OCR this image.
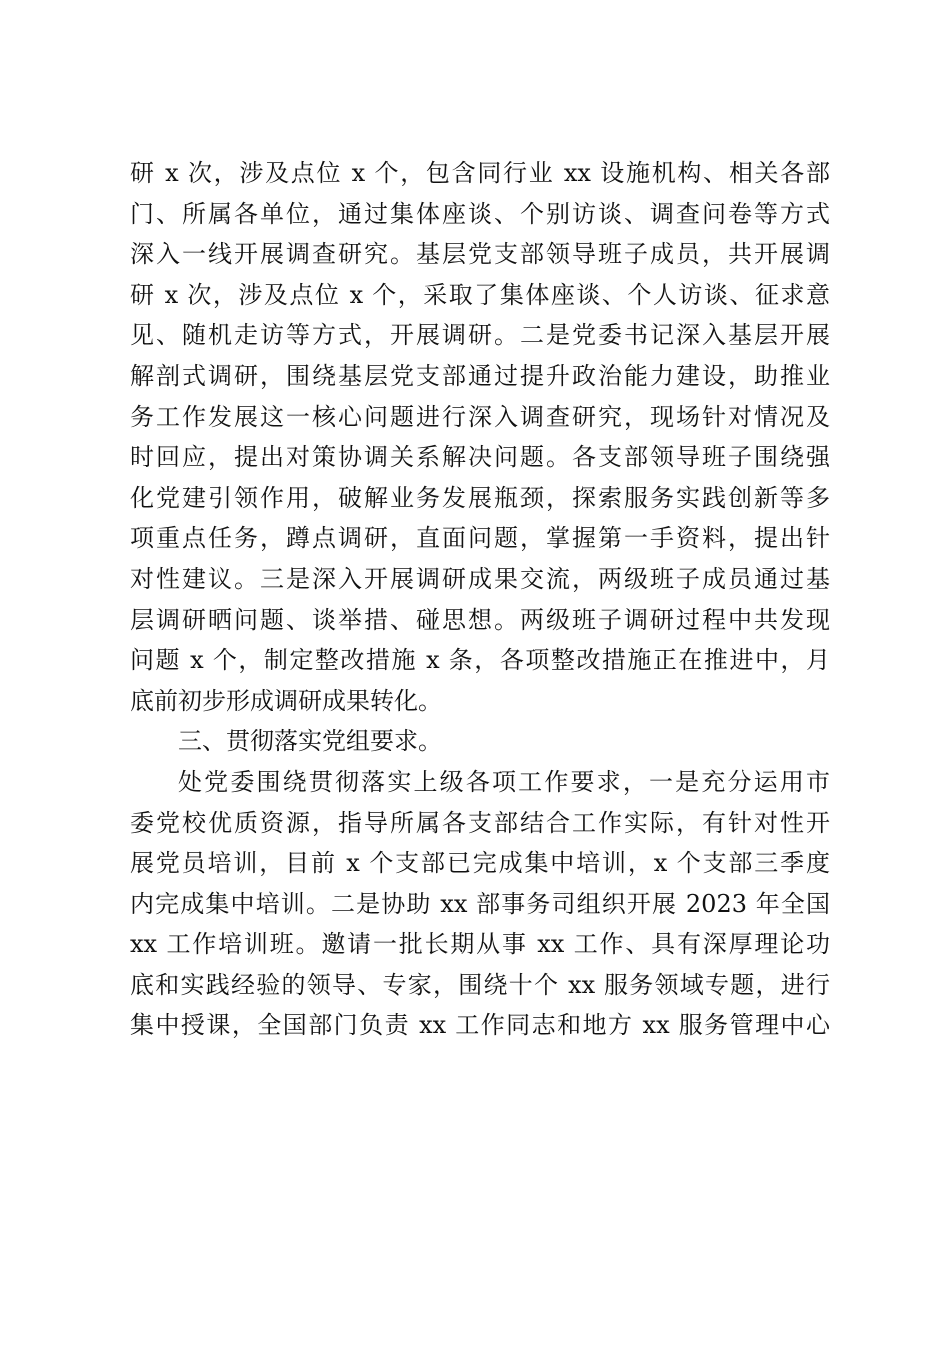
研 x 次，涉及点位 x 个，包含同行业 xx 设施机构、相关各部
门、所属各单位，通过集体座谈、个别访谈、调查问卷等方式
深入一线开展调查研究。基层党支部领导班子成员，共开展调
研 x 次，涉及点位 x 个，采取了集体座谈、个人访谈、征求意
见、随机走访等方式，开展调研。二是党委书记深入基层开展
解剖式调研，围绕基层党支部通过提升政治能力建设，助推业
务工作发展这一核心问题进行深入调查研究，现场针对情况及
时回应，提出对策协调关系解决问题。各支部领导班子围绕强
化党建引领作用，破解业务发展瓶颈，探索服务实践创新等多
项重点任务，蹲点调研，直面问题，掌握第一手资料，提出针
对性建议。三是深入开展调研成果交流，两级班子成员通过基
层调研晒问题、谈举措、碰思想。两级班子调研过程中共发现
问题 x 个，制定整改措施 x 条，各项整改措施正在推进中，月
底前初步形成调研成果转化。
三、贯彻落实党组要求。
处党委围绕贯彻落实上级各项工作要求，一是充分运用市
委党校优质资源，指导所属各支部结合工作实际，有针对性开
展党员培训，目前 x 个支部已完成集中培训，x 个支部三季度
内完成集中培训。二是协助 xx 部事务司组织开展 2023 年全国
xx 工作培训班。邀请一批长期从事 xx 工作、具有深厚理论功
底和实践经验的领导、专家，围绕十个 xx 服务领域专题，进行
集中授课，全国部门负责 xx 工作同志和地方 xx 服务管理中心
